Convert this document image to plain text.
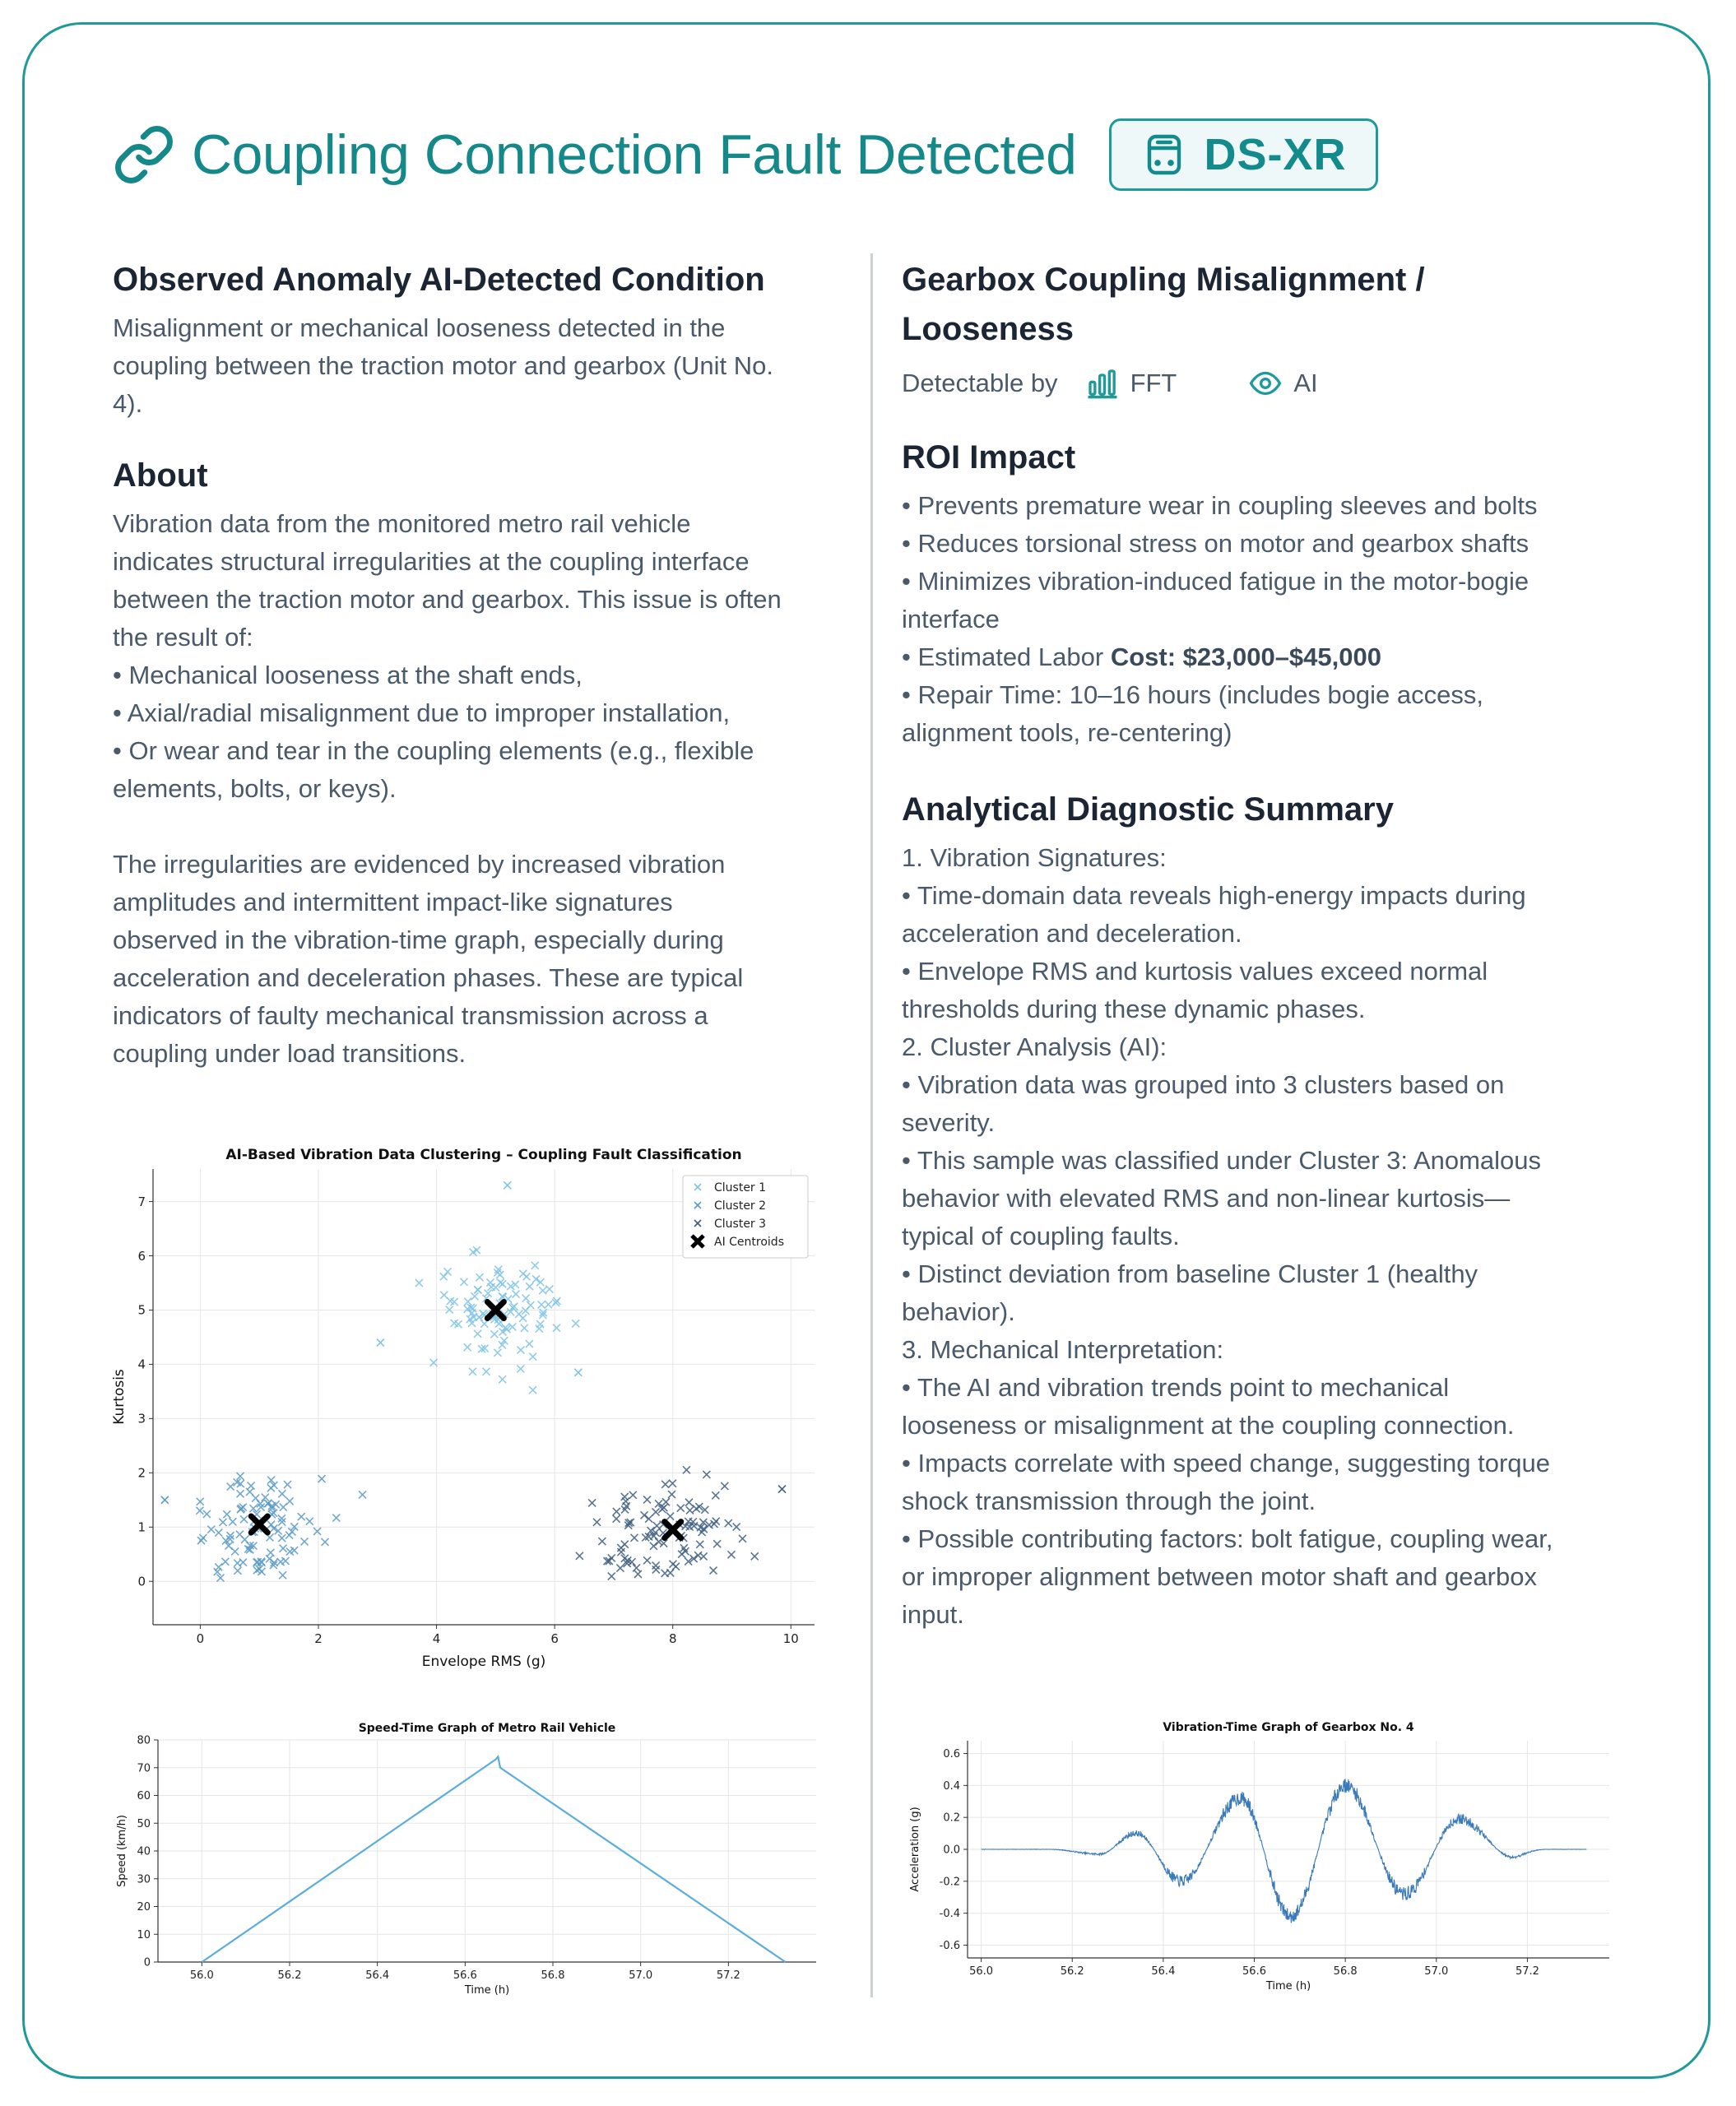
Coupling Connection Fault Detected	DS-XR
Observed Anomaly AI-Detected Condition
Misalignment or mechanical looseness detected in the
coupling between the traction motor and gearbox (Unit No.
4).
About
Vibration data from the monitored metro rail vehicle
indicates structural irregularities at the coupling interface
between the traction motor and gearbox. This issue is often
the result of:
• Mechanical looseness at the shaft ends,
• Axial/radial misalignment due to improper installation,
• Or wear and tear in the coupling elements (e.g., flexible
elements, bolts, or keys).
The irregularities are evidenced by increased vibration
amplitudes and intermittent impact-like signatures
observed in the vibration-time graph, especially during
acceleration and deceleration phases. These are typical
indicators of faulty mechanical transmission across a
coupling under load transitions.
Gearbox Coupling Misalignment /
Looseness
Detectable by	FFT	AI
ROI Impact
• Prevents premature wear in coupling sleeves and bolts
• Reduces torsional stress on motor and gearbox shafts
• Minimizes vibration-induced fatigue in the motor-bogie
interface
• Estimated Labor Cost: $23,000–$45,000
• Repair Time: 10–16 hours (includes bogie access,
alignment tools, re-centering)
Analytical Diagnostic Summary
1. Vibration Signatures:
• Time-domain data reveals high-energy impacts during
acceleration and deceleration.
• Envelope RMS and kurtosis values exceed normal
thresholds during these dynamic phases.
2. Cluster Analysis (AI):
• Vibration data was grouped into 3 clusters based on
severity.
• This sample was classified under Cluster 3: Anomalous
behavior with elevated RMS and non-linear kurtosis—
typical of coupling faults.
• Distinct deviation from baseline Cluster 1 (healthy
behavior).
3. Mechanical Interpretation:
• The AI and vibration trends point to mechanical
looseness or misalignment at the coupling connection.
• Impacts correlate with speed change, suggesting torque
shock transmission through the joint.
• Possible contributing factors: bolt fatigue, coupling wear,
or improper alignment between motor shaft and gearbox
input.
0	2	4	6	8	10
0
1
2
3
4
5
6
7
AI-Based Vibration Data Clustering – Coupling Fault Classification
Envelope RMS (g)
Kurtosis
Cluster 1
Cluster 2
Cluster 3
AI Centroids
56.0	56.2	56.4	56.6	56.8	57.0	57.2
0
10
20
30
40
50
60
70
80
Speed-Time Graph of Metro Rail Vehicle
Time (h)
Speed (km/h)
56.0	56.2	56.4	56.6	56.8	57.0	57.2
-0.6
-0.4
-0.2
0.0
0.2
0.4
0.6
Vibration-Time Graph of Gearbox No. 4
Time (h)
Acceleration (g)
